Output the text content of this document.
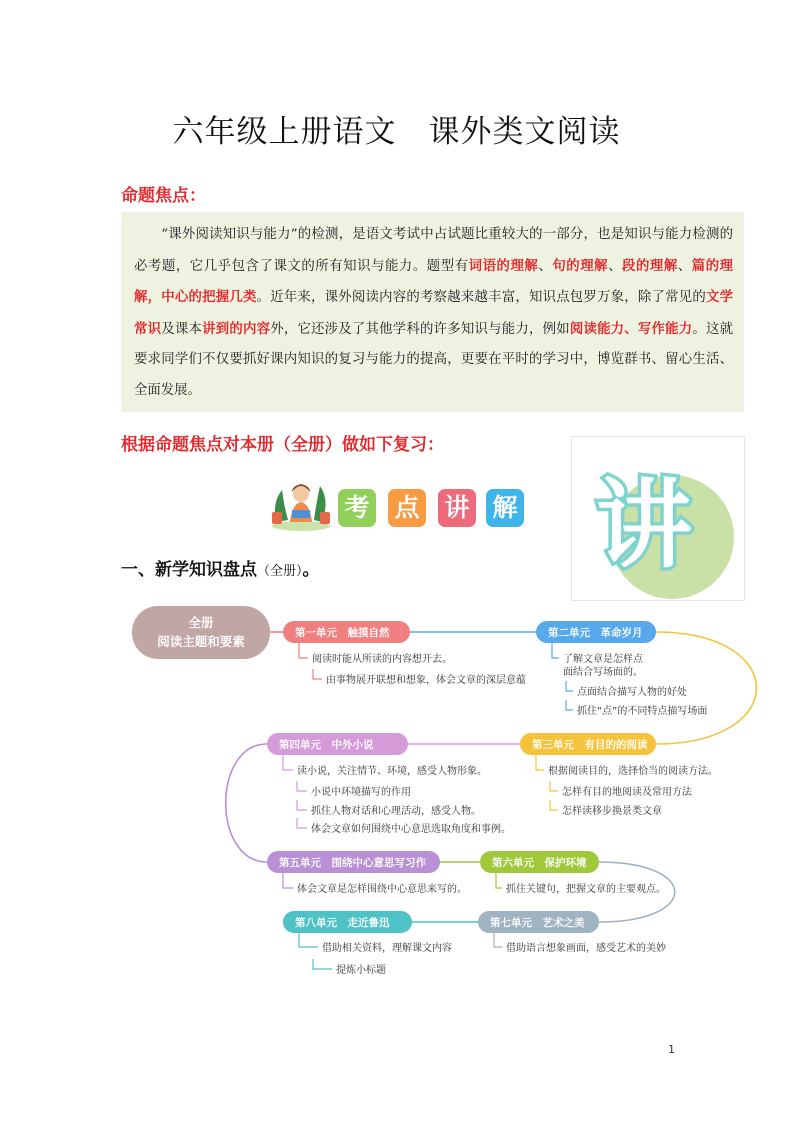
六年级上册语文　课外类文阅读
命题焦点：
　　“课外阅读知识与能力”的检测，是语文考试中占试题比重较大的一部分，也是知识与能力检测的必考题，它几乎包含了课文的所有知识与能力。题型有词语的理解、句的理解、段的理解、篇的理解，中心的把握几类。近年来，课外阅读内容的考察越来越丰富，知识点包罗万象，除了常见的文学常识及课本讲到的内容外，它还涉及了其他学科的许多知识与能力，例如阅读能力、写作能力。这就要求同学们不仅要抓好课内知识的复习与能力的提高，更要在平时的学习中，博览群书、留心生活、全面发展。
根据命题焦点对本册（全册）做如下复习：
考 点 讲 解 讲
一、新学知识盘点（全册）。
全册
阅读主题和要素
第一单元　触摸自然
阅读时能从所读的内容想开去。
由事物展开联想和想象，体会文章的深层意蕴
第二单元　革命岁月
了解文章是怎样点面结合写场面的。
点面结合描写人物的好处
抓住“点”的不同特点描写场面
第三单元　有目的的阅读
根据阅读目的，选择恰当的阅读方法。
怎样有目的地阅读及常用方法
怎样读移步换景类文章
第四单元　中外小说
读小说，关注情节、环境，感受人物形象。
小说中环境描写的作用
抓住人物对话和心理活动，感受人物。
体会文章如何围绕中心意思选取角度和事例。
第五单元　围绕中心意思写习作
体会文章是怎样围绕中心意思来写的。
第六单元　保护环境
抓住关键句，把握文章的主要观点。
第七单元　艺术之美
借助语言想象画面，感受艺术的美妙
第八单元　走近鲁迅
借助相关资料，理解课文内容
提炼小标题
1
